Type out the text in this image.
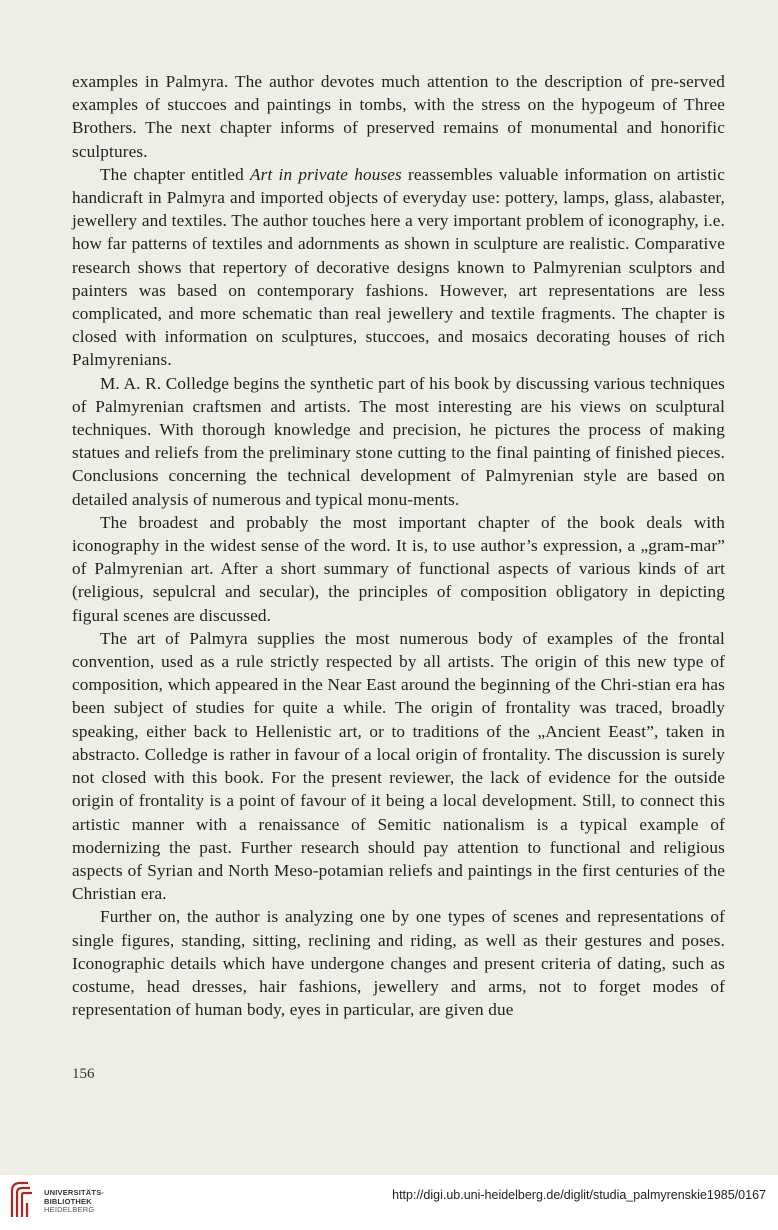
examples in Palmyra. The author devotes much attention to the description of pre-served examples of stuccoes and paintings in tombs, with the stress on the hypogeum of Three Brothers. The next chapter informs of preserved remains of monumental and honorific sculptures.

The chapter entitled Art in private houses reassembles valuable information on artistic handicraft in Palmyra and imported objects of everyday use: pottery, lamps, glass, alabaster, jewellery and textiles. The author touches here a very important problem of iconography, i.e. how far patterns of textiles and adornments as shown in sculpture are realistic. Comparative research shows that repertory of decorative designs known to Palmyrenian sculptors and painters was based on contemporary fashions. However, art representations are less complicated, and more schematic than real jewellery and textile fragments. The chapter is closed with information on sculptures, stuccoes, and mosaics decorating houses of rich Palmyrenians.

M. A. R. Colledge begins the synthetic part of his book by discussing various techniques of Palmyrenian craftsmen and artists. The most interesting are his views on sculptural techniques. With thorough knowledge and precision, he pictures the process of making statues and reliefs from the preliminary stone cutting to the final painting of finished pieces. Conclusions concerning the technical development of Palmyrenian style are based on detailed analysis of numerous and typical monu-ments.

The broadest and probably the most important chapter of the book deals with iconography in the widest sense of the word. It is, to use author’s expression, a „gram-mar” of Palmyrenian art. After a short summary of functional aspects of various kinds of art (religious, sepulcral and secular), the principles of composition obligatory in depicting figural scenes are discussed.

The art of Palmyra supplies the most numerous body of examples of the frontal convention, used as a rule strictly respected by all artists. The origin of this new type of composition, which appeared in the Near East around the beginning of the Chri-stian era has been subject of studies for quite a while. The origin of frontality was traced, broadly speaking, either back to Hellenistic art, or to traditions of the „Ancient Eeast”, taken in abstracto. Colledge is rather in favour of a local origin of frontality. The discussion is surely not closed with this book. For the present reviewer, the lack of evidence for the outside origin of frontality is a point of favour of it being a local development. Still, to connect this artistic manner with a renaissance of Semitic nationalism is a typical example of modernizing the past. Further research should pay attention to functional and religious aspects of Syrian and North Meso-potamian reliefs and paintings in the first centuries of the Christian era.

Further on, the author is analyzing one by one types of scenes and representations of single figures, standing, sitting, reclining and riding, as well as their gestures and poses. Iconographic details which have undergone changes and present criteria of dating, such as costume, head dresses, hair fashions, jewellery and arms, not to forget modes of representation of human body, eyes in particular, are given due

156
UNIVERSITÄTS-
BIBLIOTHEK
HEIDELBERG
http://digi.ub.uni-heidelberg.de/diglit/studia_palmyrenskie1985/0167
